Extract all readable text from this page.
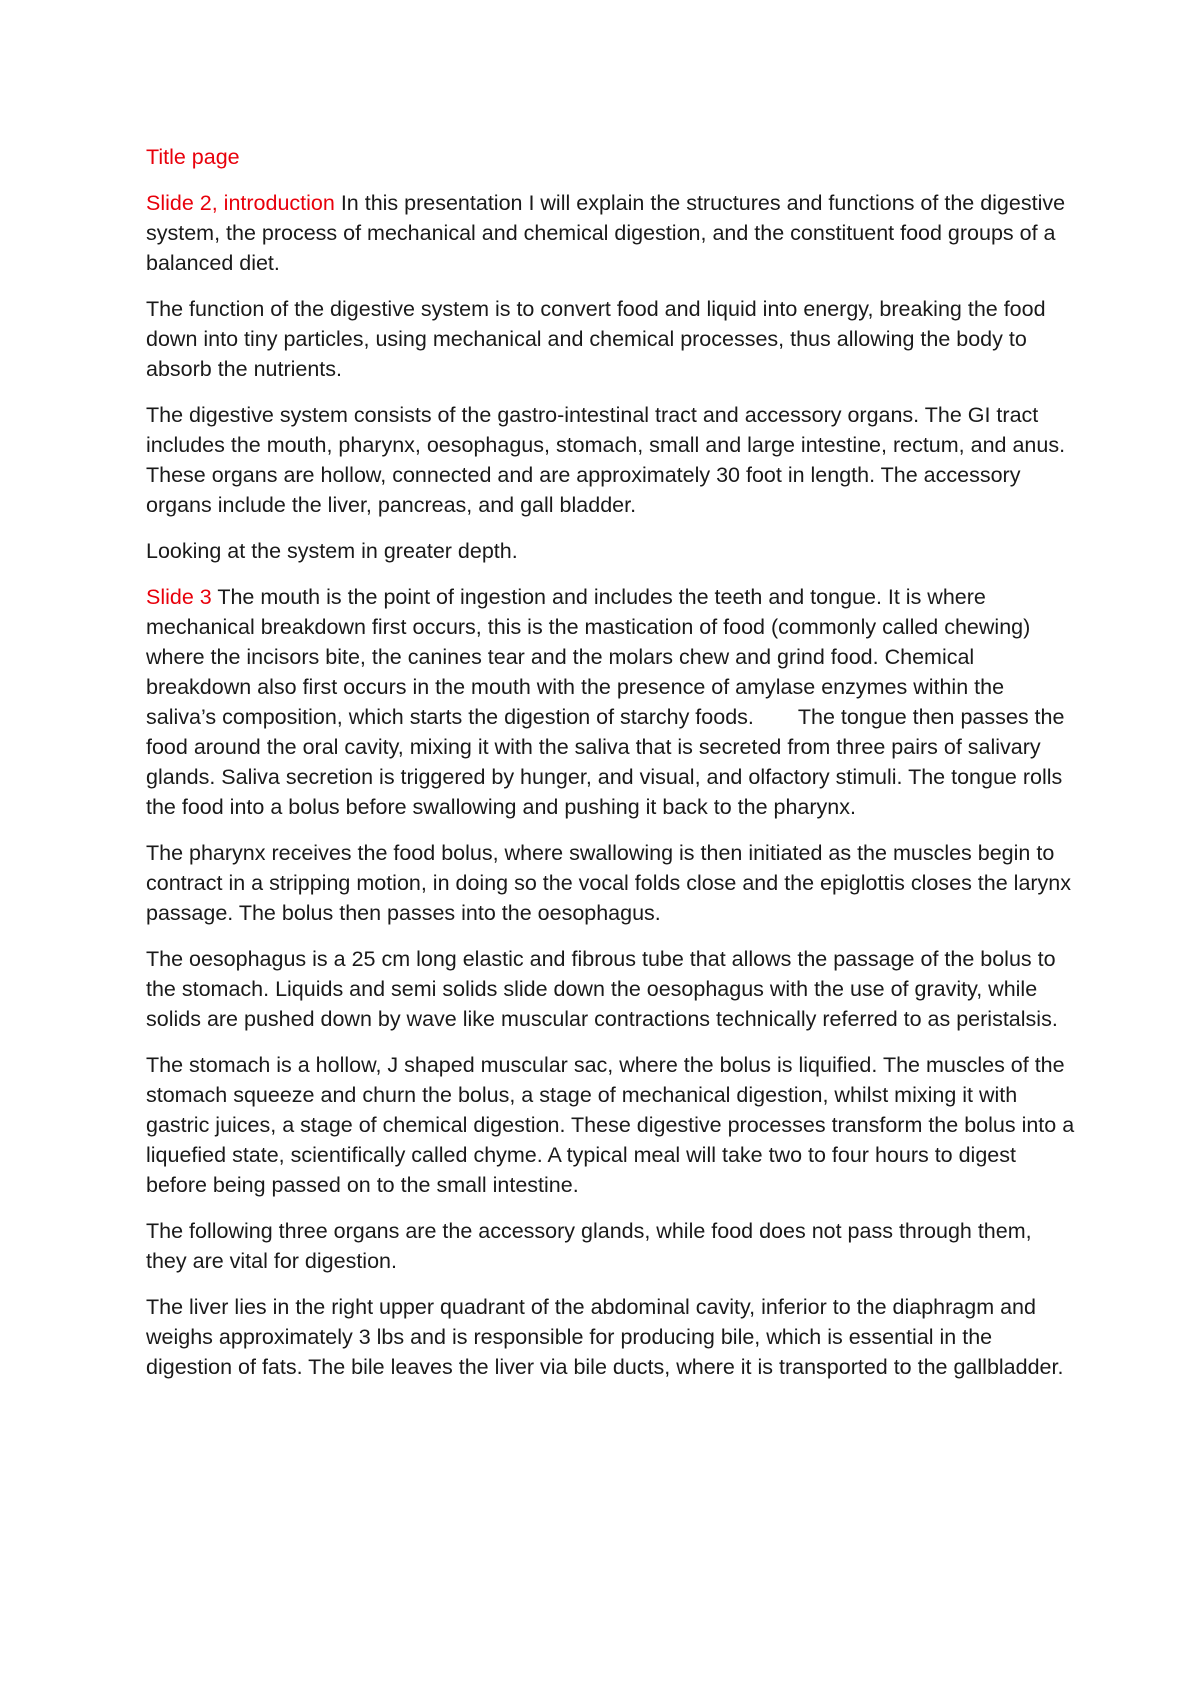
Title page

Slide 2, introduction In this presentation I will explain the structures and functions of the digestive system, the process of mechanical and chemical digestion, and the constituent food groups of a balanced diet.

The function of the digestive system is to convert food and liquid into energy, breaking the food down into tiny particles, using mechanical and chemical processes, thus allowing the body to absorb the nutrients.

The digestive system consists of the gastro-intestinal tract and accessory organs. The GI tract includes the mouth, pharynx, oesophagus, stomach, small and large intestine, rectum, and anus. These organs are hollow, connected and are approximately 30 foot in length. The accessory organs include the liver, pancreas, and gall bladder.

Looking at the system in greater depth.

Slide 3 The mouth is the point of ingestion and includes the teeth and tongue. It is where mechanical breakdown first occurs, this is the mastication of food (commonly called chewing) where the incisors bite, the canines tear and the molars chew and grind food. Chemical breakdown also first occurs in the mouth with the presence of amylase enzymes within the saliva’s composition, which starts the digestion of starchy foods. The tongue then passes the food around the oral cavity, mixing it with the saliva that is secreted from three pairs of salivary glands. Saliva secretion is triggered by hunger, and visual, and olfactory stimuli. The tongue rolls the food into a bolus before swallowing and pushing it back to the pharynx.

The pharynx receives the food bolus, where swallowing is then initiated as the muscles begin to contract in a stripping motion, in doing so the vocal folds close and the epiglottis closes the larynx passage. The bolus then passes into the oesophagus.

The oesophagus is a 25 cm long elastic and fibrous tube that allows the passage of the bolus to the stomach. Liquids and semi solids slide down the oesophagus with the use of gravity, while solids are pushed down by wave like muscular contractions technically referred to as peristalsis.

The stomach is a hollow, J shaped muscular sac, where the bolus is liquified. The muscles of the stomach squeeze and churn the bolus, a stage of mechanical digestion, whilst mixing it with gastric juices, a stage of chemical digestion. These digestive processes transform the bolus into a liquefied state, scientifically called chyme. A typical meal will take two to four hours to digest before being passed on to the small intestine.

The following three organs are the accessory glands, while food does not pass through them, they are vital for digestion.

The liver lies in the right upper quadrant of the abdominal cavity, inferior to the diaphragm and weighs approximately 3 lbs and is responsible for producing bile, which is essential in the digestion of fats. The bile leaves the liver via bile ducts, where it is transported to the gallbladder.
